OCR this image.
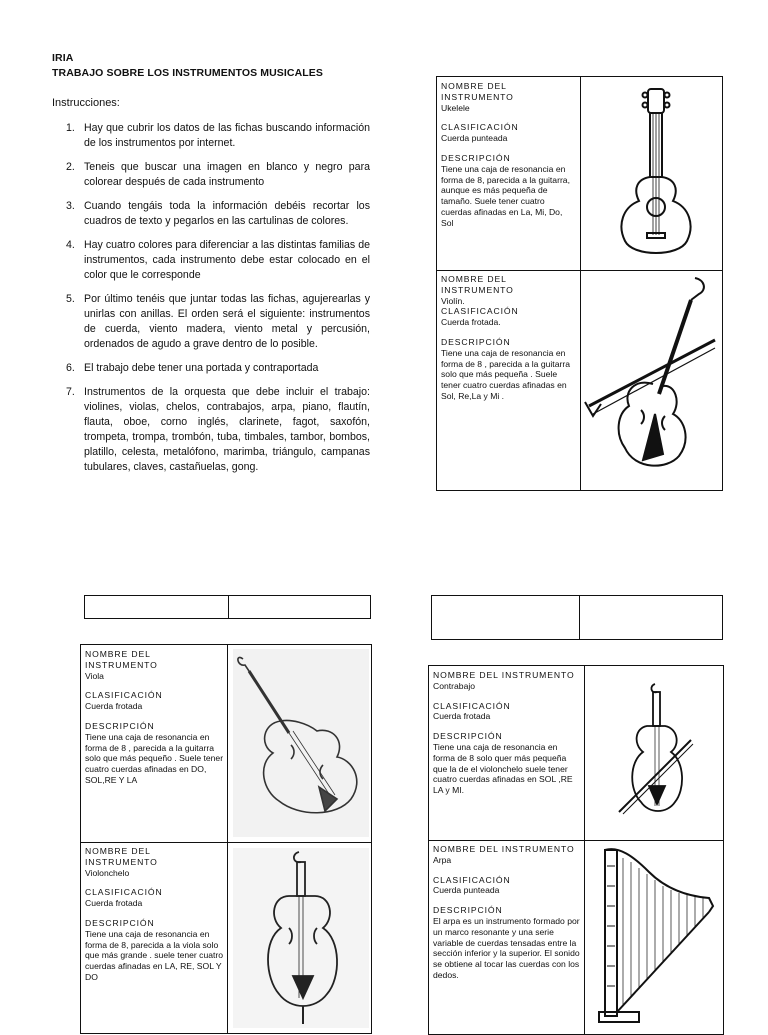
IRIA
TRABAJO SOBRE LOS INSTRUMENTOS MUSICALES
Instrucciones:
1. Hay que cubrir los datos de las fichas buscando información de los instrumentos por internet.
2. Teneis que buscar una imagen en blanco y negro para colorear después de cada instrumento
3. Cuando tengáis toda la información debéis recortar los cuadros de texto y pegarlos en las cartulinas de colores.
4. Hay cuatro colores para diferenciar a las distintas familias de instrumentos, cada instrumento debe estar colocado en el color que le corresponde
5. Por último tenéis que juntar todas las fichas, agujerearlas y unirlas con anillas. El orden será el siguiente: instrumentos de cuerda, viento madera, viento metal y percusión, ordenados de agudo a grave dentro de lo posible.
6. El trabajo debe tener una portada y contraportada
7. Instrumentos de la orquesta que debe incluir el trabajo: violines, violas, chelos, contrabajos, arpa, piano, flautín, flauta, oboe, corno inglés, clarinete, fagot, saxofón, trompeta, trompa, trombón, tuba, timbales, tambor, bombos, platillo, celesta, metalófono, marimba, triángulo, campanas tubulares, claves, castañuelas, gong.
NOMBRE DEL INSTRUMENTO
Ukelele
CLASIFICACIÓN
Cuerda punteada
DESCRIPCIÓN
Tiene una caja de resonancia en forma de 8, parecida a la guitarra, aunque es más pequeña de tamaño. Suele tener cuatro cuerdas afinadas en La, Mi, Do, Sol
NOMBRE DEL INSTRUMENTO
Violín.
CLASIFICACIÓN
Cuerda frotada.
DESCRIPCIÓN
Tiene una caja de resonancia en forma de 8 , parecida a la guitarra solo que más pequeña . Suele tener cuatro cuerdas afinadas en Sol, Re,La y Mi .
NOMBRE DEL INSTRUMENTO
Viola
CLASIFICACIÓN
Cuerda frotada
DESCRIPCIÓN
Tiene una caja de resonancia en forma de 8 , parecida a la guitarra solo que más pequeño . Suele tener cuatro cuerdas afinadas en DO, SOL,RE Y LA
NOMBRE DEL INSTRUMENTO
Violonchelo
CLASIFICACIÓN
Cuerda frotada
DESCRIPCIÓN
Tiene una caja de resonancia en forma de 8, parecida a la viola solo que más grande . suele tener cuatro cuerdas afinadas en LA, RE, SOL Y DO
NOMBRE DEL INSTRUMENTO
Contrabajo
CLASIFICACIÓN
Cuerda frotada
DESCRIPCIÓN
Tiene una caja de resonancia en forma de 8 solo quer más pequeña que la de el violonchelo suele tener cuatro cuerdas afinadas en SOL ,RE LA y MI.
NOMBRE DEL INSTRUMENTO
Arpa
CLASIFICACIÓN
Cuerda punteada
DESCRIPCIÓN
El arpa es un instrumento formado por un marco resonante y una serie variable de cuerdas tensadas entre la sección inferior y la superior. El sonido se obtiene al tocar las cuerdas con los dedos.
